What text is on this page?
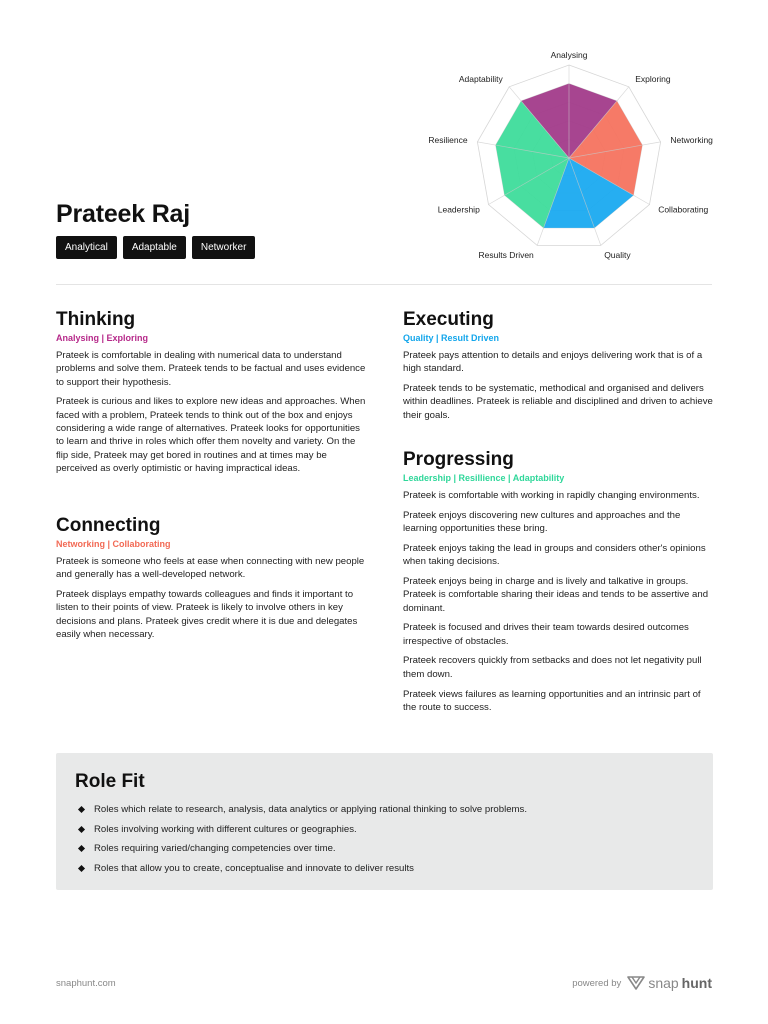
Prateek Raj
Analytical	Adaptable	Networker
Analysing
Exploring
Networking
Collaborating
Quality
Results Driven
Leadership
Resilience
Adaptability
Thinking
Analysing | Exploring

Prateek is comfortable in dealing with numerical data to understand problems and solve them. Prateek tends to be factual and uses evidence to support their hypothesis.

Prateek is curious and likes to explore new ideas and approaches. When faced with a problem, Prateek tends to think out of the box and enjoys considering a wide range of alternatives. Prateek looks for opportunities to learn and thrive in roles which offer them novelty and variety. On the flip side, Prateek may get bored in routines and at times may be perceived as overly optimistic or having impractical ideas.

Connecting
Networking | Collaborating

Prateek is someone who feels at ease when connecting with new people and generally has a well-developed network.

Prateek displays empathy towards colleagues and finds it important to listen to their points of view. Prateek is likely to involve others in key decisions and plans. Prateek gives credit where it is due and delegates easily when necessary.

Executing
Quality | Result Driven

Prateek pays attention to details and enjoys delivering work that is of a high standard.

Prateek tends to be systematic, methodical and organised and delivers within deadlines. Prateek is reliable and disciplined and driven to achieve their goals.

Progressing
Leadership | Resillience | Adaptability

Prateek is comfortable with working in rapidly changing environments.

Prateek enjoys discovering new cultures and approaches and the learning opportunities these bring.

Prateek enjoys taking the lead in groups and considers other's opinions when taking decisions.

Prateek enjoys being in charge and is lively and talkative in groups. Prateek is comfortable sharing their ideas and tends to be assertive and dominant.

Prateek is focused and drives their team towards desired outcomes irrespective of obstacles.

Prateek recovers quickly from setbacks and does not let negativity pull them down.

Prateek views failures as learning opportunities and an intrinsic part of the route to success.

Role Fit
Roles which relate to research, analysis, data analytics or applying rational thinking to solve problems.
Roles involving working with different cultures or geographies.
Roles requiring varied/changing competencies over time.
Roles that allow you to create, conceptualise and innovate to deliver results
snaphunt.com	powered by snap hunt
